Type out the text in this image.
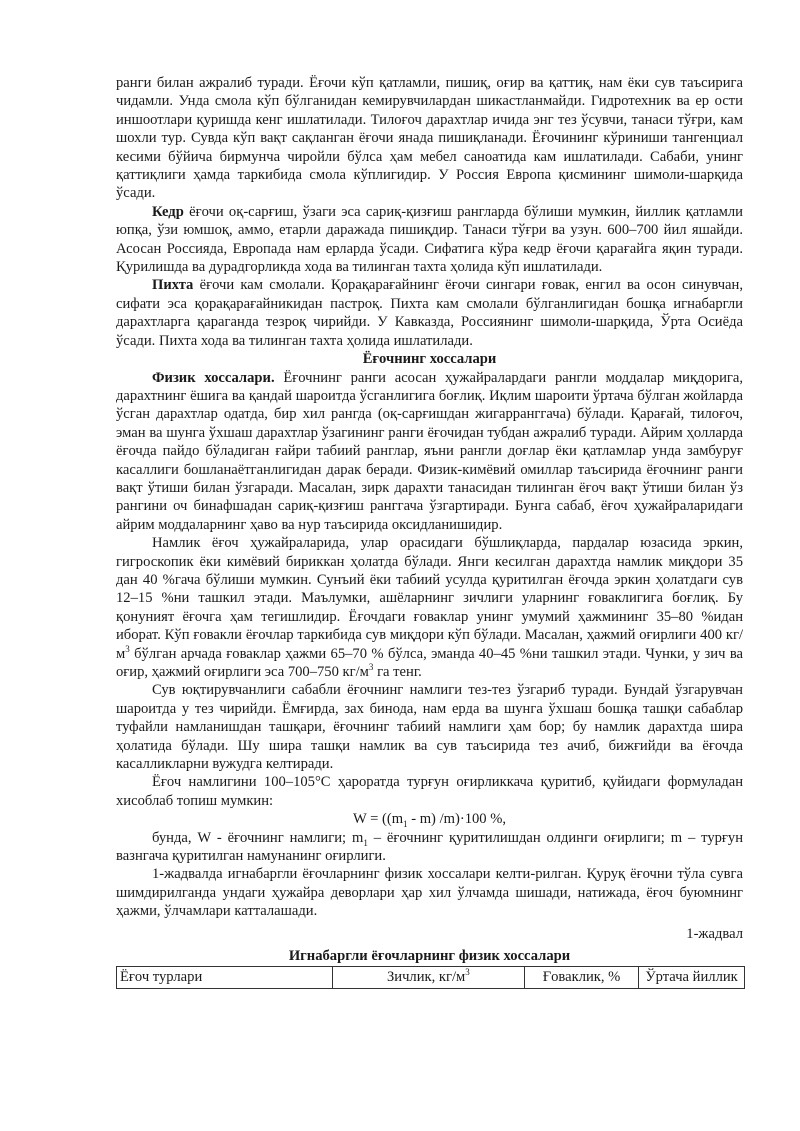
ранги билан ажралиб туради. Ёғочи кўп қатламли, пишиқ, оғир ва қаттиқ, нам ёки сув таъсирига чидамли. Унда смола кўп бўлганидан кемирувчилардан шикастланмайди. Гидротехник ва ер ости иншоотлари қуришда кенг ишлатилади. Тилоғоч дарахтлар ичида энг тез ўсувчи, танаси тўғри, кам шохли тур. Сувда кўп вақт сақланган ёғочи янада пишиқланади. Ёғочининг кўриниши тангенциал кесими бўйича бирмунча чиройли бўлса ҳам мебел саноатида кам ишлатилади. Сабаби, унинг қаттиқлиги ҳамда таркибида смола кўплигидир. У Россия Европа қисмининг шимоли-шарқида ўсади.

Кедр ёғочи оқ-сарғиш, ўзаги эса сариқ-қизғиш рангларда бўлиши мумкин, йиллик қатламли юпқа, ўзи юмшоқ, аммо, етарли даражада пишиқдир. Танаси тўғри ва узун. 600–700 йил яшайди. Асосан Россияда, Европада нам ерларда ўсади. Сифатига кўра кедр ёғочи қарағайга яқин туради. Қурилишда ва дурадгорликда хода ва тилинган тахта ҳолида кўп ишлатилади.

Пихта ёғочи кам смолали. Қорақарағайнинг ёғочи сингари ғовак, енгил ва осон синувчан, сифати эса қорақарағайникидан пастроқ. Пихта кам смолали бўлганлигидан бошқа игнабаргли дарахтларга қараганда тезроқ чирийди. У Кавказда, Россиянинг шимоли-шарқида, Ўрта Осиёда ўсади. Пихта хода ва тилинган тахта ҳолида ишлатилади.

Ёғочнинг хоссалари

Физик хоссалари. Ёғочнинг ранги асосан ҳужайралардаги рангли моддалар миқдорига, дарахтнинг ёшига ва қандай шароитда ўсганлигига боғлиқ. Иқлим шароити ўртача бўлган жойларда ўсган дарахтлар одатда, бир хил рангда (оқ-сарғишдан жигарранггача) бўлади. Қарағай, тилоғоч, эман ва шунга ўхшаш дарахтлар ўзагининг ранги ёғочидан тубдан ажралиб туради. Айрим ҳолларда ёғочда пайдо бўладиган ғайри табиий ранглар, яъни рангли доғлар ёки қатламлар унда замбуруғ касаллиги бошланаётганлигидан дарак беради. Физик-кимёвий омиллар таъсирида ёғочнинг ранги вақт ўтиши билан ўзгаради. Масалан, зирк дарахти танасидан тилинган ёғоч вақт ўтиши билан ўз рангини оч бинафшадан сариқ-қизғиш ранггача ўзгартиради. Бунга сабаб, ёғоч ҳужайраларидаги айрим моддаларнинг ҳаво ва нур таъсирида оксидланишидир.

Намлик ёғоч ҳужайраларида, улар орасидаги бўшлиқларда, пардалар юзасида эркин, гигроскопик ёки кимёвий бириккан ҳолатда бўлади. Янги кесилган дарахтда намлик миқдори 35 дан 40 %гача бўлиши мумкин. Сунъий ёки табиий усулда қуритилган ёғочда эркин ҳолатдаги сув 12–15 %ни ташкил этади. Маълумки, ашёларнинг зичлиги уларнинг ғоваклигига боғлиқ. Бу қонуният ёғочга ҳам тегишлидир. Ёғочдаги ғоваклар унинг умумий ҳажмининг 35–80 %идан иборат. Кўп ғовакли ёғочлар таркибида сув миқдори кўп бўлади. Масалан, ҳажмий оғирлиги 400 $кг/м^3$ бўлган арчада ғоваклар ҳажми 65–70 % бўлса, эманда 40–45 %ни ташкил этади. Чунки, у зич ва оғир, ҳажмий оғирлиги эса 700–750 $кг/м^3$ га тенг.

Сув юқтирувчанлиги сабабли ёғочнинг намлиги тез-тез ўзгариб туради. Бундай ўзгарувчан шароитда у тез чирийди. Ёмғирда, зах бинода, нам ерда ва шунга ўхшаш бошқа ташқи сабаблар туфайли намланишдан ташқари, ёғочнинг табиий намлиги ҳам бор; бу намлик дарахтда шира ҳолатида бўлади. Шу шира ташқи намлик ва сув таъсирида тез ачиб, бижғийди ва ёғочда касалликларни вужудга келтиради.

Ёғоч намлигини 100–105°С ҳароратда турғун оғирликкача қуритиб, қуйидаги формуладан хисоблаб топиш мумкин:

$W = ((m_1 - m)$ /m)·100 %,

бунда, W - ёғочнинг намлиги; $m_1$ – ёғочнинг қуритилишдан олдинги оғирлиги; m – турғун вазнгача қуритилган намунанинг оғирлиги.

1-жадвалда игнабаргли ёғочларнинг физик хоссалари келти-рилган. Қуруқ ёғочни тўла сувга шимдирилганда ундаги ҳужайра деворлари ҳар хил ўлчамда шишади, натижада, ёғоч буюмнинг ҳажми, ўлчамлари катталашади.

1-жадвал

Игнабаргли ёғочларнинг физик хоссалари

Ёғоч турлари	Зичлик, $кг/м^3$	Ғоваклик, %	Ўртача йиллик
